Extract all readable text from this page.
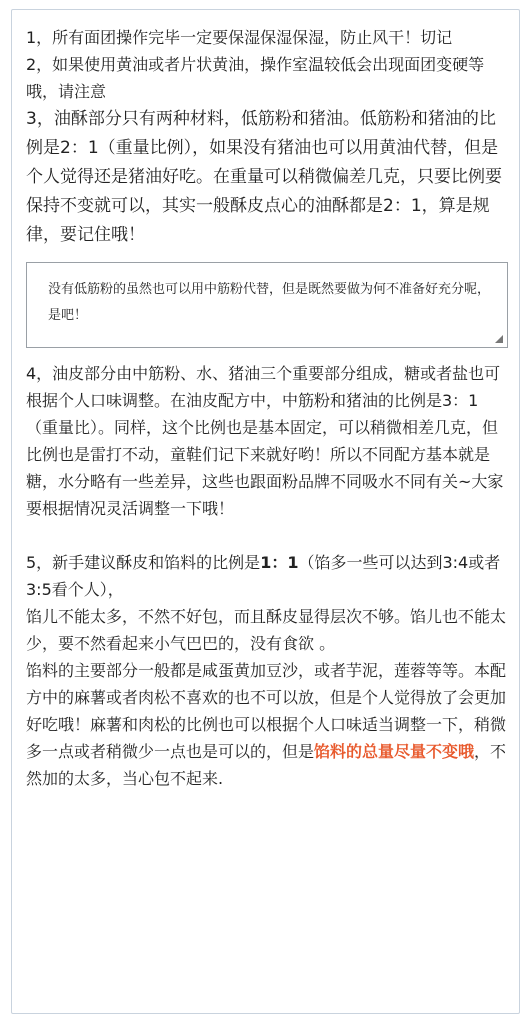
1，所有面团操作完毕一定要保湿保湿保湿，防止风干！切记

2，如果使用黄油或者片状黄油，操作室温较低会出现面团变硬等哦，请注意

3，油酥部分只有两种材料，低筋粉和猪油。低筋粉和猪油的比例是2：1（重量比例），如果没有猪油也可以用黄油代替，但是个人觉得还是猪油好吃。在重量可以稍微偏差几克，只要比例要保持不变就可以，其实一般酥皮点心的油酥都是2：1，算是规律，要记住哦！

没有低筋粉的虽然也可以用中筋粉代替，但是既然要做为何不准备好充分呢，是吧！

4，油皮部分由中筋粉、水、猪油三个重要部分组成，糖或者盐也可根据个人口味调整。在油皮配方中，中筋粉和猪油的比例是3：1（重量比）。同样，这个比例也是基本固定，可以稍微相差几克，但比例也是雷打不动，童鞋们记下来就好哟！所以不同配方基本就是糖，水分略有一些差异，这些也跟面粉品牌不同吸水不同有关~大家要根据情况灵活调整一下哦！

5，新手建议酥皮和馅料的比例是1：1（馅多一些可以达到3:4或者3:5看个人），

馅儿不能太多，不然不好包，而且酥皮显得层次不够。馅儿也不能太少，要不然看起来小气巴巴的，没有食欲 。

馅料的主要部分一般都是咸蛋黄加豆沙，或者芋泥，莲蓉等等。本配方中的麻薯或者肉松不喜欢的也不可以放，但是个人觉得放了会更加好吃哦！麻薯和肉松的比例也可以根据个人口味适当调整一下，稍微多一点或者稍微少一点也是可以的，但是馅料的总量尽量不变哦，不然加的太多，当心包不起来.
